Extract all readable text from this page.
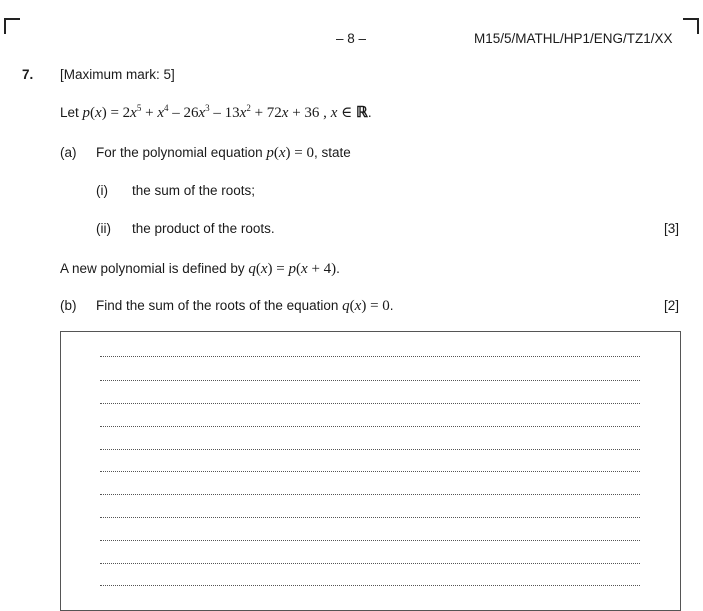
– 8 –	M15/5/MATHL/HP1/ENG/TZ1/XX
7. [Maximum mark: 5]
Let $p(x) = 2x^5 + x^4 - 26x^3 - 13x^2 + 72x + 36$ , x ∈ ℝ.
(a) For the polynomial equation p(x) = 0, state
(i) the sum of the roots;
(ii) the product of the roots.	[3]
A new polynomial is defined by q(x) = p(x + 4).
(b) Find the sum of the roots of the equation q(x) = 0.	[2]
